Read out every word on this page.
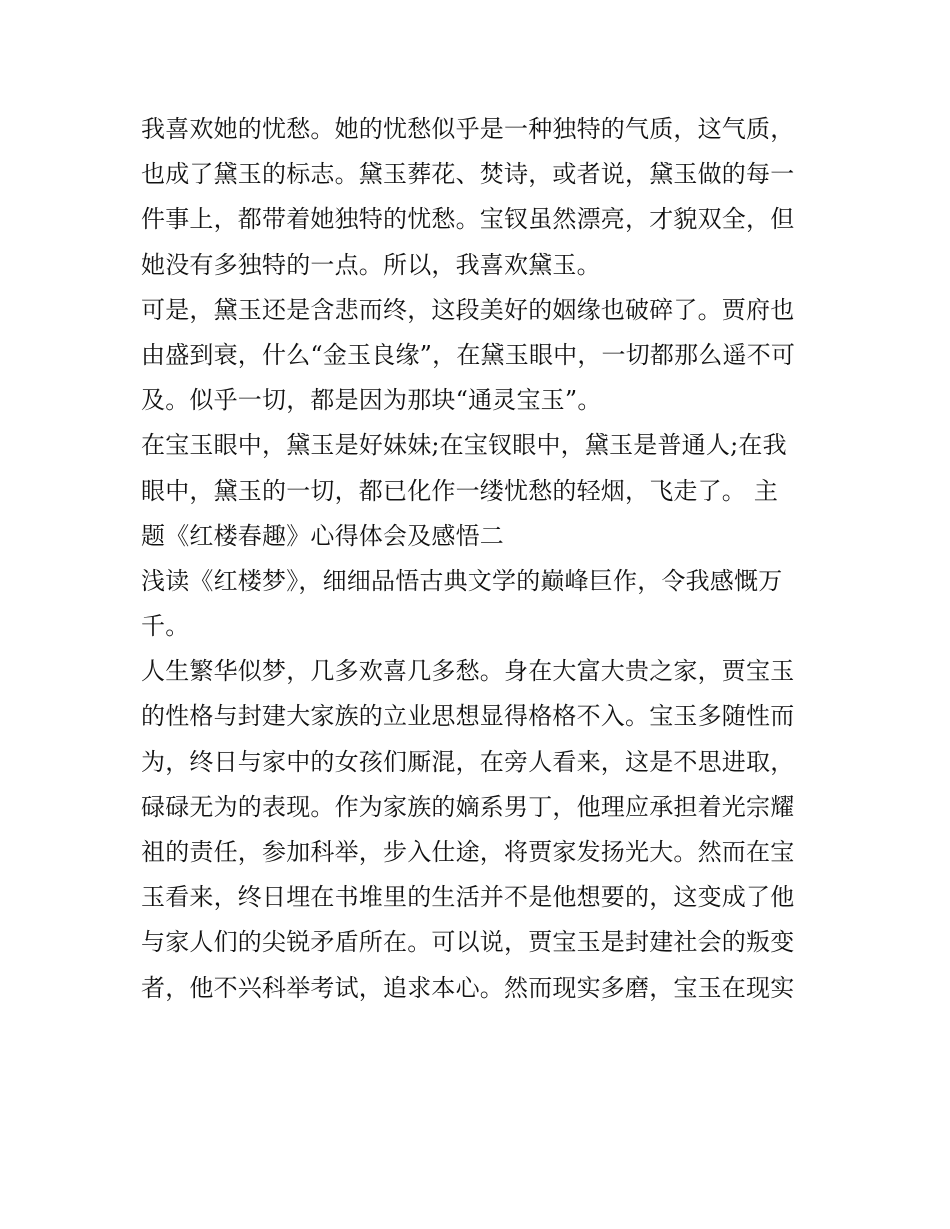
我喜欢她的忧愁。她的忧愁似乎是一种独特的气质，这气质，
也成了黛玉的标志。黛玉葬花、焚诗，或者说，黛玉做的每一
件事上，都带着她独特的忧愁。宝钗虽然漂亮，才貌双全，但
她没有多独特的一点。所以，我喜欢黛玉。
可是，黛玉还是含悲而终，这段美好的姻缘也破碎了。贾府也
由盛到衰，什么“金玉良缘”，在黛玉眼中，一切都那么遥不可
及。似乎一切，都是因为那块“通灵宝玉”。
在宝玉眼中，黛玉是好妹妹;在宝钗眼中，黛玉是普通人;在我
眼中，黛玉的一切，都已化作一缕忧愁的轻烟，飞走了。 主
题《红楼春趣》心得体会及感悟二
浅读《红楼梦》，细细品悟古典文学的巅峰巨作，令我感慨万
千。
人生繁华似梦，几多欢喜几多愁。身在大富大贵之家，贾宝玉
的性格与封建大家族的立业思想显得格格不入。宝玉多随性而
为，终日与家中的女孩们厮混，在旁人看来，这是不思进取，
碌碌无为的表现。作为家族的嫡系男丁，他理应承担着光宗耀
祖的责任，参加科举，步入仕途，将贾家发扬光大。然而在宝
玉看来，终日埋在书堆里的生活并不是他想要的，这变成了他
与家人们的尖锐矛盾所在。可以说，贾宝玉是封建社会的叛变
者，他不兴科举考试，追求本心。然而现实多磨，宝玉在现实
